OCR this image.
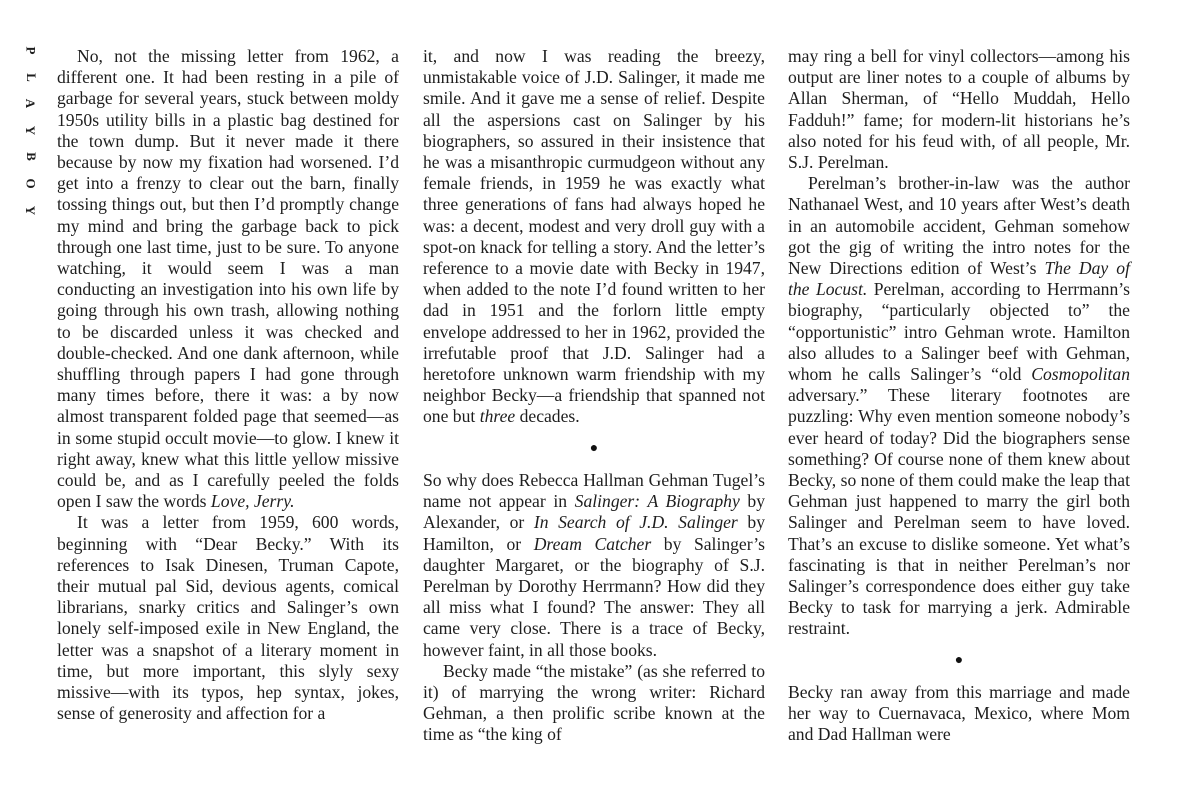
P
L
A
Y
B
O
Y

No, not the missing letter from 1962, a different one. It had been resting in a pile of garbage for several years, stuck between moldy 1950s utility bills in a plastic bag destined for the town dump. But it never made it there because by now my fixation had worsened. I’d get into a frenzy to clear out the barn, finally tossing things out, but then I’d promptly change my mind and bring the garbage back to pick through one last time, just to be sure. To anyone watching, it would seem I was a man conducting an investigation into his own life by going through his own trash, allowing nothing to be discarded unless it was checked and double-checked. And one dank afternoon, while shuffling through papers I had gone through many times before, there it was: a by now almost transparent folded page that seemed—as in some stupid occult movie—to glow. I knew it right away, knew what this little yellow missive could be, and as I carefully peeled the folds open I saw the words Love, Jerry.

It was a letter from 1959, 600 words, beginning with “Dear Becky.” With its references to Isak Dinesen, Truman Capote, their mutual pal Sid, devious agents, comical librarians, snarky critics and Salinger’s own lonely self-imposed exile in New England, the letter was a snapshot of a literary moment in time, but more important, this slyly sexy missive—with its typos, hep syntax, jokes, sense of generosity and affection for a

it, and now I was reading the breezy, unmistakable voice of J.D. Salinger, it made me smile. And it gave me a sense of relief. Despite all the aspersions cast on Salinger by his biographers, so assured in their insistence that he was a misanthropic curmudgeon without any female friends, in 1959 he was exactly what three generations of fans had always hoped he was: a decent, modest and very droll guy with a spot-on knack for telling a story. And the letter’s reference to a movie date with Becky in 1947, when added to the note I’d found written to her dad in 1951 and the forlorn little empty envelope addressed to her in 1962, provided the irrefutable proof that J.D. Salinger had a heretofore unknown warm friendship with my neighbor Becky—a friendship that spanned not one but three decades.

●

So why does Rebecca Hallman Gehman Tugel’s name not appear in Salinger: A Biography by Alexander, or In Search of J.D. Salinger by Hamilton, or Dream Catcher by Salinger’s daughter Margaret, or the biography of S.J. Perelman by Dorothy Herrmann? How did they all miss what I found? The answer: They all came very close. There is a trace of Becky, however faint, in all those books.

Becky made “the mistake” (as she referred to it) of marrying the wrong writer: Richard Gehman, a then prolific scribe known at the time as “the king of

may ring a bell for vinyl collectors—among his output are liner notes to a couple of albums by Allan Sherman, of “Hello Muddah, Hello Fadduh!” fame; for modern-lit historians he’s also noted for his feud with, of all people, Mr. S.J. Perelman.

Perelman’s brother-in-law was the author Nathanael West, and 10 years after West’s death in an automobile accident, Gehman somehow got the gig of writing the intro notes for the New Directions edition of West’s The Day of the Locust. Perelman, according to Herrmann’s biography, “particularly objected to” the “opportunistic” intro Gehman wrote. Hamilton also alludes to a Salinger beef with Gehman, whom he calls Salinger’s “old Cosmopolitan adversary.” These literary footnotes are puzzling: Why even mention someone nobody’s ever heard of today? Did the biographers sense something? Of course none of them knew about Becky, so none of them could make the leap that Gehman just happened to marry the girl both Salinger and Perelman seem to have loved. That’s an excuse to dislike someone. Yet what’s fascinating is that in neither Perelman’s nor Salinger’s correspondence does either guy take Becky to task for marrying a jerk. Admirable restraint.

●

Becky ran away from this marriage and made her way to Cuernavaca, Mexico, where Mom and Dad Hallman were
